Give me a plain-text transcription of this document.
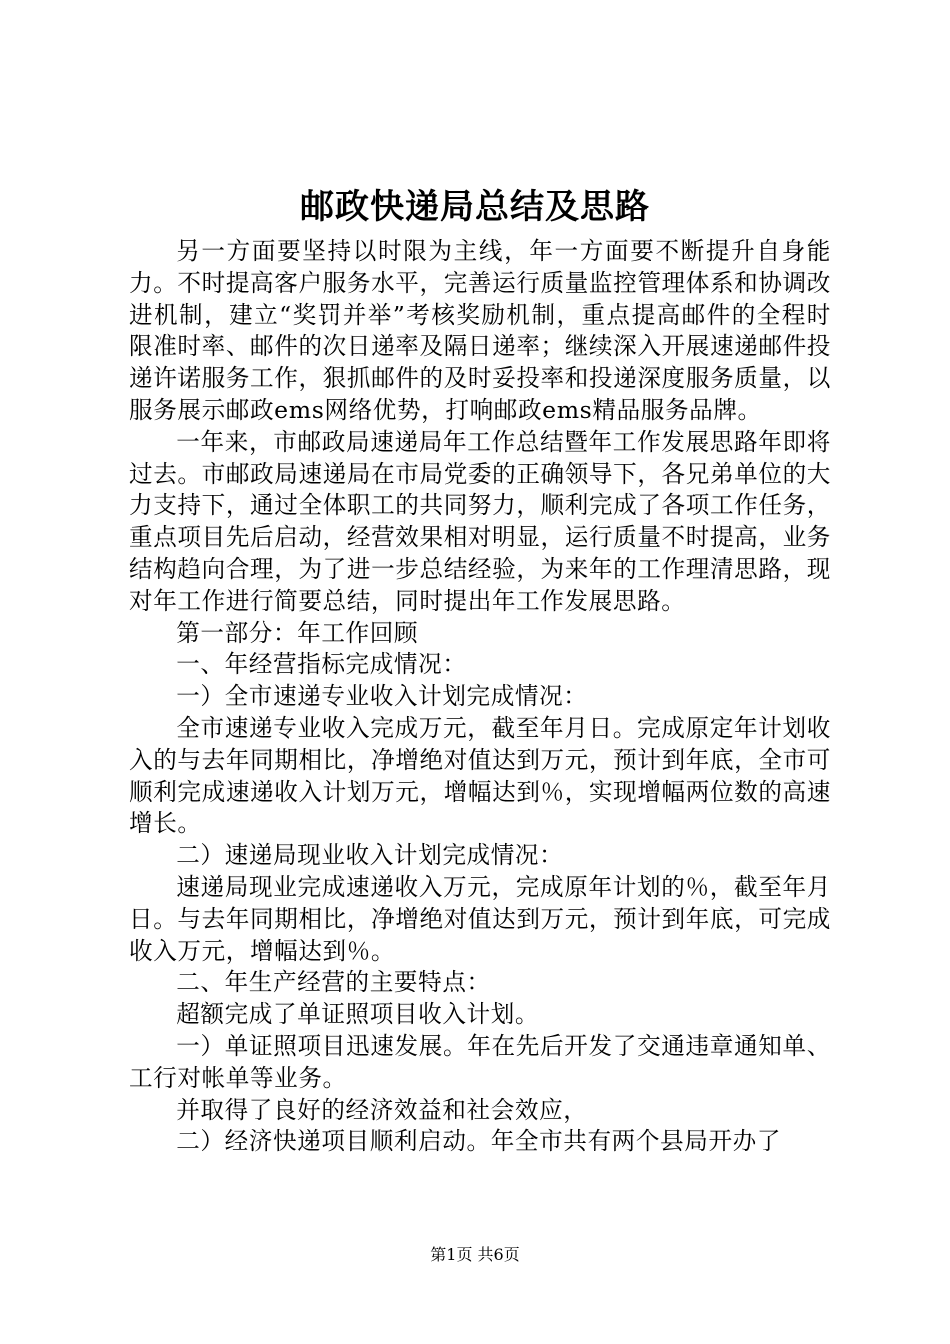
邮政快递局总结及思路

另一方面要坚持以时限为主线，年一方面要不断提升自身能力。不时提高客户服务水平，完善运行质量监控管理体系和协调改进机制，建立“奖罚并举”考核奖励机制，重点提高邮件的全程时限准时率、邮件的次日递率及隔日递率；继续深入开展速递邮件投递许诺服务工作，狠抓邮件的及时妥投率和投递深度服务质量，以服务展示邮政ems网络优势，打响邮政ems精品服务品牌。

一年来，市邮政局速递局年工作总结暨年工作发展思路年即将过去。市邮政局速递局在市局党委的正确领导下，各兄弟单位的大力支持下，通过全体职工的共同努力，顺利完成了各项工作任务，重点项目先后启动，经营效果相对明显，运行质量不时提高，业务结构趋向合理，为了进一步总结经验，为来年的工作理清思路，现对年工作进行简要总结，同时提出年工作发展思路。

第一部分：年工作回顾

一、年经营指标完成情况：

一）全市速递专业收入计划完成情况：

全市速递专业收入完成万元，截至年月日。完成原定年计划收入的与去年同期相比，净增绝对值达到万元，预计到年底，全市可顺利完成速递收入计划万元，增幅达到％，实现增幅两位数的高速增长。

二）速递局现业收入计划完成情况：

速递局现业完成速递收入万元，完成原年计划的％，截至年月日。与去年同期相比，净增绝对值达到万元，预计到年底，可完成收入万元，增幅达到％。

二、年生产经营的主要特点：

超额完成了单证照项目收入计划。

一）单证照项目迅速发展。年在先后开发了交通违章通知单、工行对帐单等业务。

并取得了良好的经济效益和社会效应，

二）经济快递项目顺利启动。年全市共有两个县局开办了

第1页 共6页
